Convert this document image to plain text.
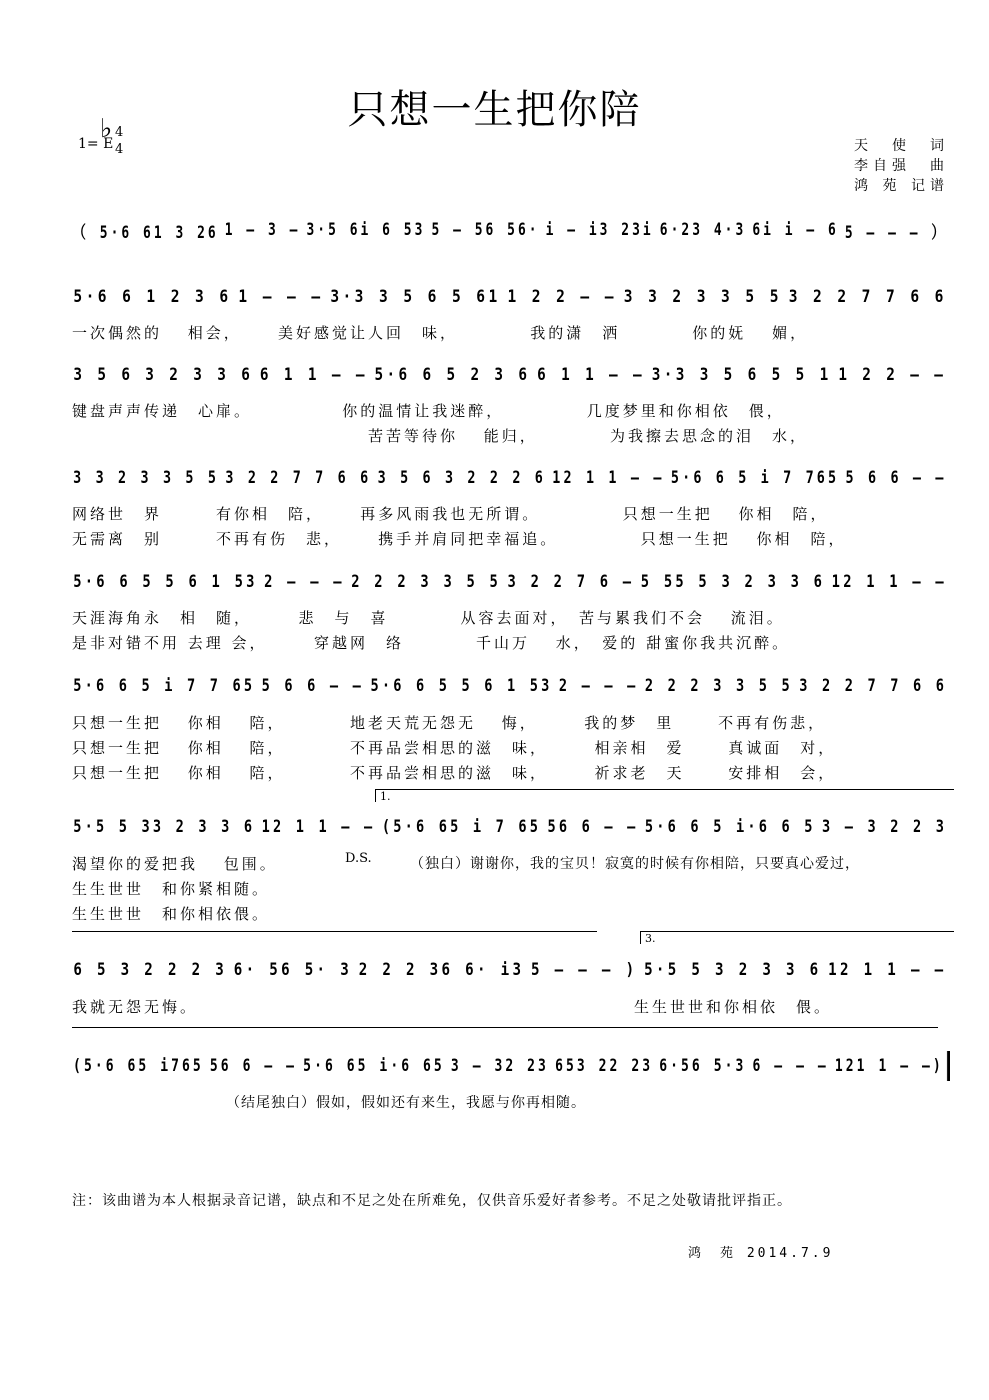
只想一生把你陪
1= E
♭ 4
4	天　使　词
李自强　曲
鸿 苑 记谱
（ 5·6 61 3 26 1 – 3 – 3·5 6i 6 53 5 – 56 56· i – i3 23i 6·23 4·3 6i i – 6 5 – – – ）
5·6 6 1 2 3 6 1 – – – 3·3 3 5 6 5 61 1 2 2 – – 3 3 2 3 3 5 5 3 2 2 7 7 6 6
3 5 6 3 2 3 3 6 6 1 1 – – 5·6 6 5 2 3 6 6 1 1 – – 3·3 3 5 6 5 5 1 1 2 2 – –
3 3 2 3 3 5 5 3 2 2 7 7 6 6 3 5 6 3 2 2 2 6 12 1 1 – – 5·6 6 5 i 7 765 5 6 6 – –
5·6 6 5 5 6 1 53 2 – – – 2 2 2 3 3 5 5 3 2 2 7 6 – 5 55 5 3 2 3 3 6 12 1 1 – –
5·6 6 5 i 7 7 65 5 6 6 – – 5·6 6 5 5 6 1 53 2 – – – 2 2 2 3 3 5 5 3 2 2 7 7 6 6
5·5 5 33 2 3 3 6 12 1 1 – – (5·6 65 i 7 65 56 6 – – 5·6 6 5 i·6 6 5 3 – 3 2 2 3
6 5 3 2 2 2 3 6· 56 5· 3 2 2 2 36 6· i3 5 – – – ) 5·5 5 3 2 3 3 6 12 1 1 – –
(5·6 65 i765 56 6 – – 5·6 65 i·6 65 3 – 32 23 653 22 23 6·56 5·3 6 – – – 121 1 – –)
一次偶然的　 相会，　　 美好感觉让人回　味，　　　　 我的潇　洒　　　　你的妩　 媚，
键盘声声传递　心扉。　　　　　 你的温情让我迷醉，　　　　　几度梦里和你相依　偎，
苦苦等待你　 能归，　　　　 为我擦去思念的泪　水，
网络世　界　　　有你相　陪，　　 再多风雨我也无所谓。　　　　　只想一生把　 你相　陪，
无需离　别　　　不再有伤　悲，　　 携手并肩同把幸福追。　　　　　只想一生把　 你相　陪，
天涯海角永　相　随，　　　悲　与　喜　　　　从容去面对，　苦与累我们不会　 流泪。
是非对错不用 去理 会，　　　穿越网　络　　　　千山万　 水，　爱的 甜蜜你我共沉醉。
只想一生把　 你相　 陪，　　　　地老天荒无怨无　 悔，　　　我的梦　里　　 不再有伤悲，
只想一生把　 你相　 陪，　　　　不再品尝相思的滋　味，　　　相亲相　爱　　 真诚面　对，
只想一生把　 你相　 陪，　　　　不再品尝相思的滋　味，　　　祈求老　天　　 安排相　会，
1.
渴望你的爱把我　 包围。	D.S.	（独白）谢谢你，我的宝贝！寂寞的时候有你相陪，只要真心爱过，
生生世世　和你紧相随。
生生世世　和你相依偎。
3.
我就无怨无悔。	生生世世和你相依　偎。
（结尾独白）假如，假如还有来生，我愿与你再相随。
注：该曲谱为本人根据录音记谱，缺点和不足之处在所难免，仅供音乐爱好者参考。不足之处敬请批评指正。
鸿　苑 2014.7.9
